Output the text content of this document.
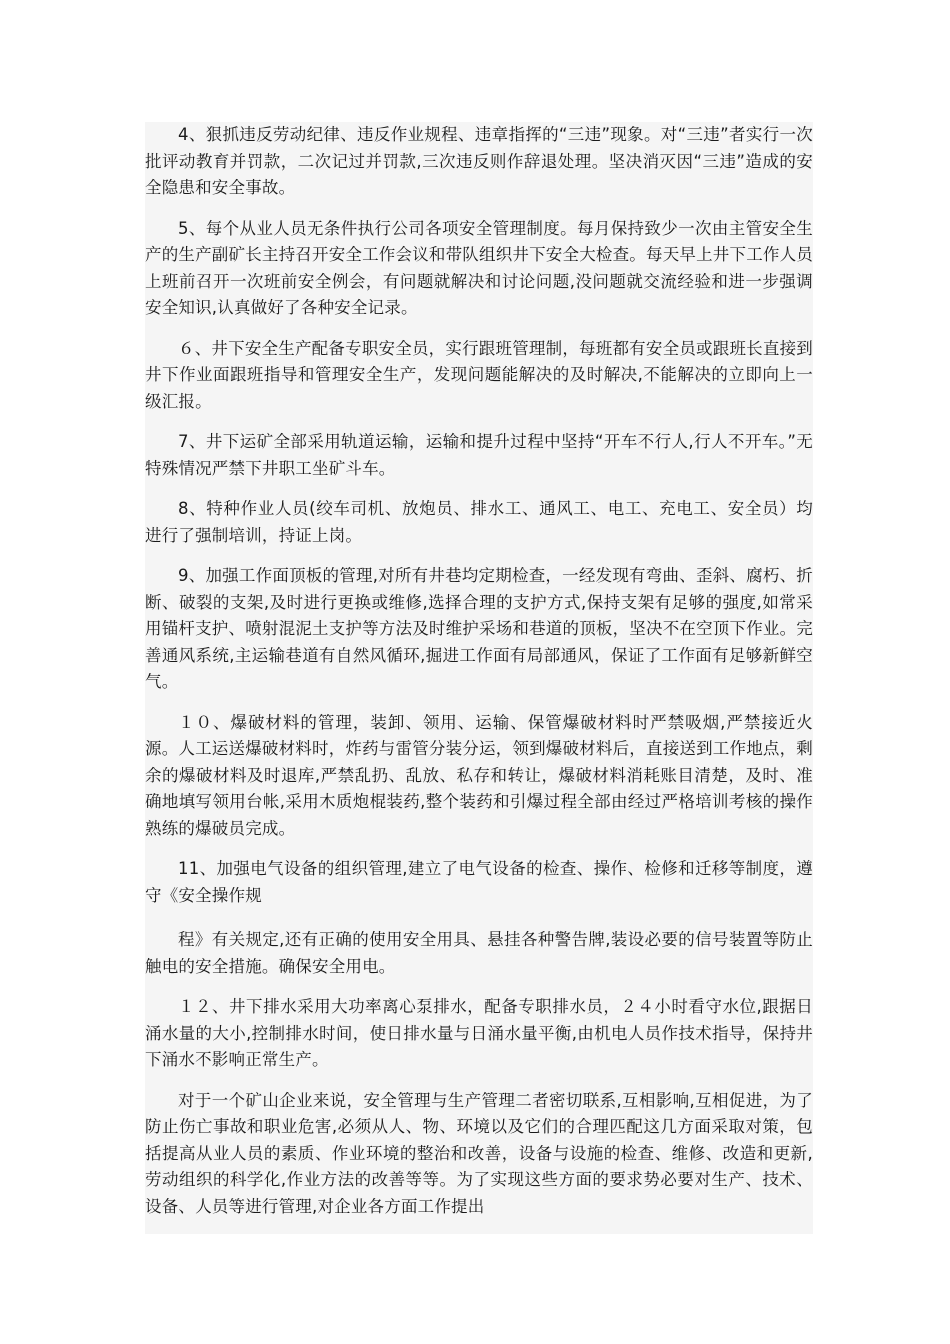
4、狠抓违反劳动纪律、违反作业规程、违章指挥的“三违”现象。对“三违”者实行一次批评动教育并罚款，二次记过并罚款,三次违反则作辞退处理。坚决消灭因“三违”造成的安全隐患和安全事故。

5、每个从业人员无条件执行公司各项安全管理制度。每月保持致少一次由主管安全生产的生产副矿长主持召开安全工作会议和带队组织井下安全大检查。每天早上井下工作人员上班前召开一次班前安全例会，有问题就解决和讨论问题,没问题就交流经验和进一步强调安全知识,认真做好了各种安全记录。

６、井下安全生产配备专职安全员，实行跟班管理制，每班都有安全员或跟班长直接到井下作业面跟班指导和管理安全生产，发现问题能解决的及时解决,不能解决的立即向上一级汇报。

7、井下运矿全部采用轨道运输，运输和提升过程中坚持“开车不行人,行人不开车。”无特殊情况严禁下井职工坐矿斗车。

8、特种作业人员(绞车司机、放炮员、排水工、通风工、电工、充电工、安全员）均进行了强制培训，持证上岗。

9、加强工作面顶板的管理,对所有井巷均定期检查，一经发现有弯曲、歪斜、腐朽、折断、破裂的支架,及时进行更换或维修,选择合理的支护方式,保持支架有足够的强度,如常采用锚杆支护、喷射混泥土支护等方法及时维护采场和巷道的顶板，坚决不在空顶下作业。完善通风系统,主运输巷道有自然风循环,掘进工作面有局部通风，保证了工作面有足够新鲜空气。

１０、爆破材料的管理，装卸、领用、运输、保管爆破材料时严禁吸烟,严禁接近火源。人工运送爆破材料时，炸药与雷管分装分运，领到爆破材料后，直接送到工作地点，剩余的爆破材料及时退库,严禁乱扔、乱放、私存和转让，爆破材料消耗账目清楚，及时、准确地填写领用台帐,采用木质炮棍装药,整个装药和引爆过程全部由经过严格培训考核的操作熟练的爆破员完成。

11、加强电气设备的组织管理,建立了电气设备的检查、操作、检修和迁移等制度，遵守《安全操作规

程》有关规定,还有正确的使用安全用具、悬挂各种警告牌,装设必要的信号装置等防止触电的安全措施。确保安全用电。

１２、井下排水采用大功率离心泵排水，配备专职排水员，２４小时看守水位,跟据日涌水量的大小,控制排水时间，使日排水量与日涌水量平衡,由机电人员作技术指导，保持井下涌水不影响正常生产。

对于一个矿山企业来说，安全管理与生产管理二者密切联系,互相影响,互相促进，为了防止伤亡事故和职业危害,必须从人、物、环境以及它们的合理匹配这几方面采取对策，包括提高从业人员的素质、作业环境的整治和改善，设备与设施的检查、维修、改造和更新,劳动组织的科学化,作业方法的改善等等。为了实现这些方面的要求势必要对生产、技术、设备、人员等进行管理,对企业各方面工作提出
